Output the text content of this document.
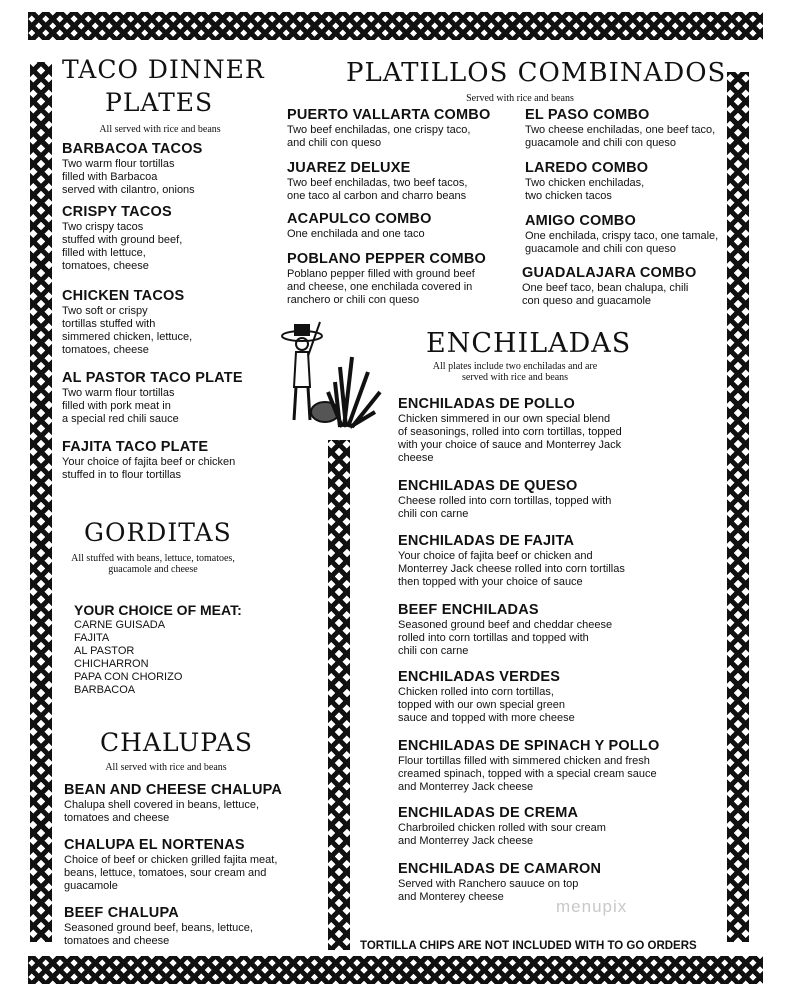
TACO DINNER
PLATES
All served with rice and beans
BARBACOA TACOS
Two warm flour tortillas
filled with Barbacoa
served with cilantro, onions
CRISPY TACOS
Two crispy tacos
stuffed with ground beef,
filled with lettuce,
tomatoes, cheese
CHICKEN TACOS
Two soft or crispy
tortillas stuffed with
simmered chicken, lettuce,
tomatoes, cheese
AL PASTOR TACO PLATE
Two warm flour tortillas
filled with pork meat in
a special red chili sauce
FAJITA TACO PLATE
Your choice of fajita beef or chicken
stuffed in to flour tortillas
GORDITAS
All stuffed with beans, lettuce, tomatoes,
guacamole and cheese
YOUR CHOICE OF MEAT:
CARNE GUISADA
FAJITA
AL PASTOR
CHICHARRON
PAPA CON CHORIZO
BARBACOA
CHALUPAS
All served with rice and beans
BEAN AND CHEESE CHALUPA
Chalupa shell covered in beans, lettuce,
tomatoes and cheese
CHALUPA EL NORTENAS
Choice of beef or chicken grilled fajita meat,
beans, lettuce, tomatoes, sour cream and
guacamole
BEEF CHALUPA
Seasoned ground beef, beans, lettuce,
tomatoes and cheese
PLATILLOS COMBINADOS
Served with rice and beans
PUERTO VALLARTA COMBO
Two beef enchiladas, one crispy taco,
and chili con queso
JUAREZ DELUXE
Two beef enchiladas, two beef tacos,
one taco al carbon and charro beans
ACAPULCO COMBO
One enchilada and one taco
POBLANO PEPPER COMBO
Poblano pepper filled with ground beef
and cheese, one enchilada covered in
ranchero or chili con queso
EL PASO COMBO
Two cheese enchiladas, one beef taco,
guacamole and chili con queso
LAREDO COMBO
Two chicken enchiladas,
two chicken tacos
AMIGO COMBO
One enchilada, crispy taco, one tamale,
guacamole and chili con queso
GUADALAJARA COMBO
One beef taco, bean chalupa, chili
con queso and guacamole
ENCHILADAS
All plates include two enchiladas and are
served with rice and beans
ENCHILADAS DE POLLO
Chicken simmered in our own special blend
of seasonings, rolled into corn tortillas, topped
with your choice of sauce and Monterrey Jack
cheese
ENCHILADAS DE QUESO
Cheese rolled into corn tortillas, topped with
chili con carne
ENCHILADAS DE FAJITA
Your choice of fajita beef or chicken and
Monterrey Jack cheese rolled into corn tortillas
then topped with your choice of sauce
BEEF ENCHILADAS
Seasoned ground beef and cheddar cheese
rolled into corn tortillas and topped with
chili con carne
ENCHILADAS VERDES
Chicken rolled into corn tortillas,
topped with our own special green
sauce and topped with more cheese
ENCHILADAS DE SPINACH Y POLLO
Flour tortillas filled with simmered chicken and fresh
creamed spinach, topped with a special cream sauce
and Monterrey Jack cheese
ENCHILADAS DE CREMA
Charbroiled chicken rolled with sour cream
and Monterrey Jack cheese
ENCHILADAS DE CAMARON
Served with Ranchero sauuce on top
and Monterey cheese
TORTILLA CHIPS ARE NOT INCLUDED WITH TO GO ORDERS
menupix
